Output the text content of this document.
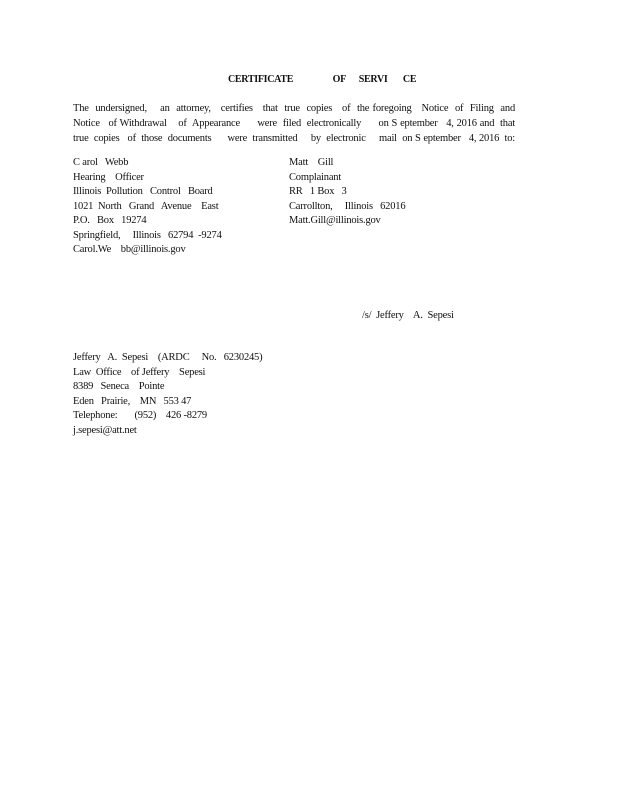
CERTIFICATE                  OF      SERVI       CE
The  undersigned,    an  attorney,   certifies   that  true  copies   of  the foregoing   Notice  of  Filing  and
Notice   of Withdrawal    of  Appearance      were  filed  electronically      on S eptember   4, 2016 and  that
true  copies   of  those  documents      were  transmitted     by  electronic     mail  on S eptember   4, 2016  to:
C arol   Webb
Hearing    Officer
Illinois  Pollution   Control   Board
1021  North   Grand   Avenue    East
P.O.   Box   19274
Springfield,     Illinois   62794  -9274
Carol.We    bb@illinois.gov
Matt    Gill
Complainant
RR   1 Box   3
Carrollton,     Illinois   62016
Matt.Gill@illinois.gov
/s/  Jeffery    A.  Sepesi
Jeffery   A.  Sepesi    (ARDC     No.   6230245)
Law  Office    of Jeffery    Sepesi
8389   Seneca    Pointe
Eden   Prairie,    MN   553 47
Telephone:       (952)    426 -8279
j.sepesi@att.net
